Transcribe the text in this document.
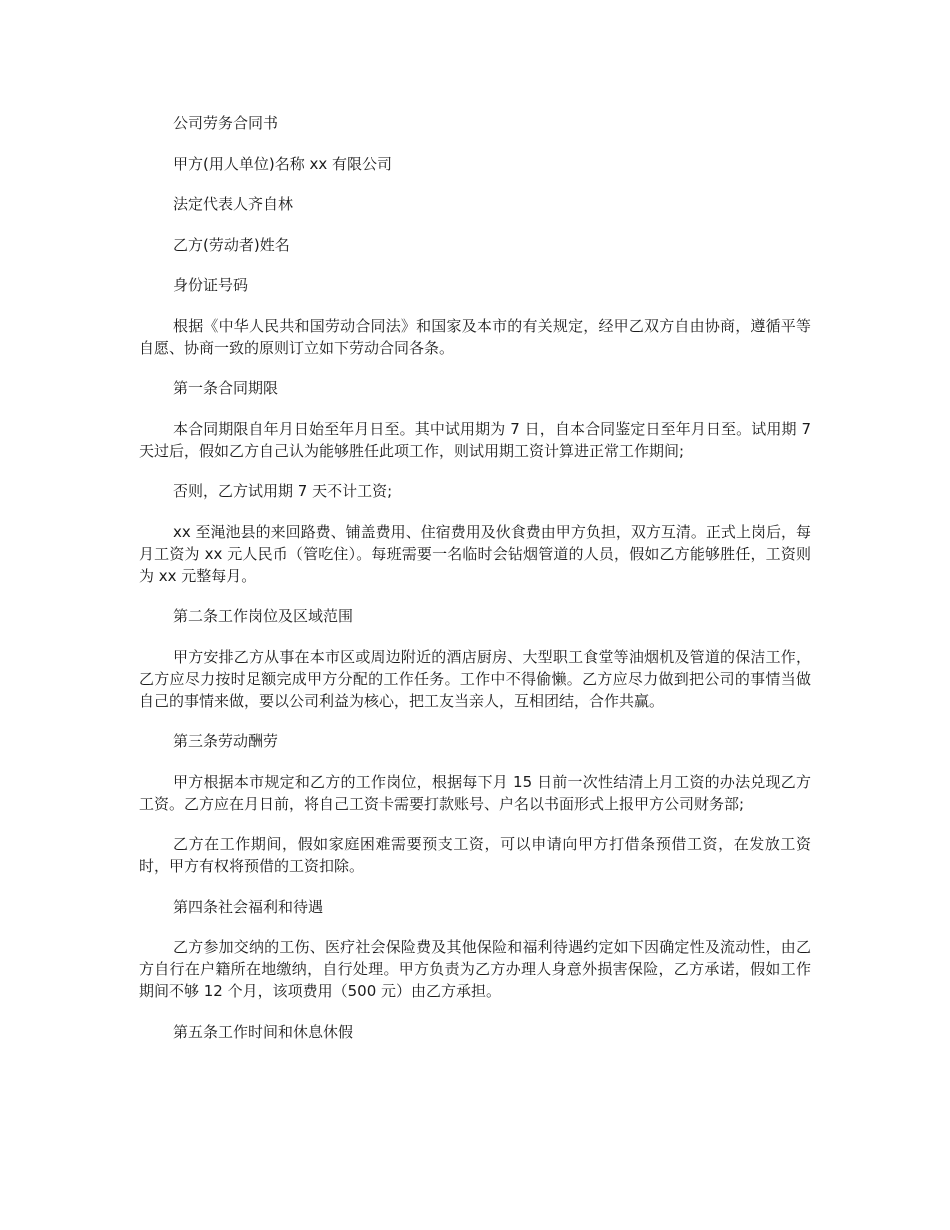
公司劳务合同书

甲方(用人单位)名称 xx 有限公司

法定代表人齐自林

乙方(劳动者)姓名

身份证号码

根据《中华人民共和国劳动合同法》和国家及本市的有关规定，经甲乙双方自由协商，遵循平等自愿、协商一致的原则订立如下劳动合同各条。

第一条合同期限

本合同期限自年月日始至年月日至。其中试用期为 7 日，自本合同鉴定日至年月日至。试用期 7 天过后，假如乙方自己认为能够胜任此项工作，则试用期工资计算进正常工作期间;

否则，乙方试用期 7 天不计工资;

xx 至渑池县的来回路费、铺盖费用、住宿费用及伙食费由甲方负担，双方互清。正式上岗后，每月工资为 xx 元人民币（管吃住）。每班需要一名临时会钻烟管道的人员，假如乙方能够胜任，工资则为 xx 元整每月。

第二条工作岗位及区域范围

甲方安排乙方从事在本市区或周边附近的酒店厨房、大型职工食堂等油烟机及管道的保洁工作，乙方应尽力按时足额完成甲方分配的工作任务。工作中不得偷懒。乙方应尽力做到把公司的事情当做自己的事情来做，要以公司利益为核心，把工友当亲人，互相团结，合作共赢。

第三条劳动酬劳

甲方根据本市规定和乙方的工作岗位，根据每下月 15 日前一次性结清上月工资的办法兑现乙方工资。乙方应在月日前，将自己工资卡需要打款账号、户名以书面形式上报甲方公司财务部;

乙方在工作期间，假如家庭困难需要预支工资，可以申请向甲方打借条预借工资，在发放工资时，甲方有权将预借的工资扣除。

第四条社会福利和待遇

乙方参加交纳的工伤、医疗社会保险费及其他保险和福利待遇约定如下因确定性及流动性，由乙方自行在户籍所在地缴纳，自行处理。甲方负责为乙方办理人身意外损害保险，乙方承诺，假如工作期间不够 12 个月，该项费用（500 元）由乙方承担。

第五条工作时间和休息休假
